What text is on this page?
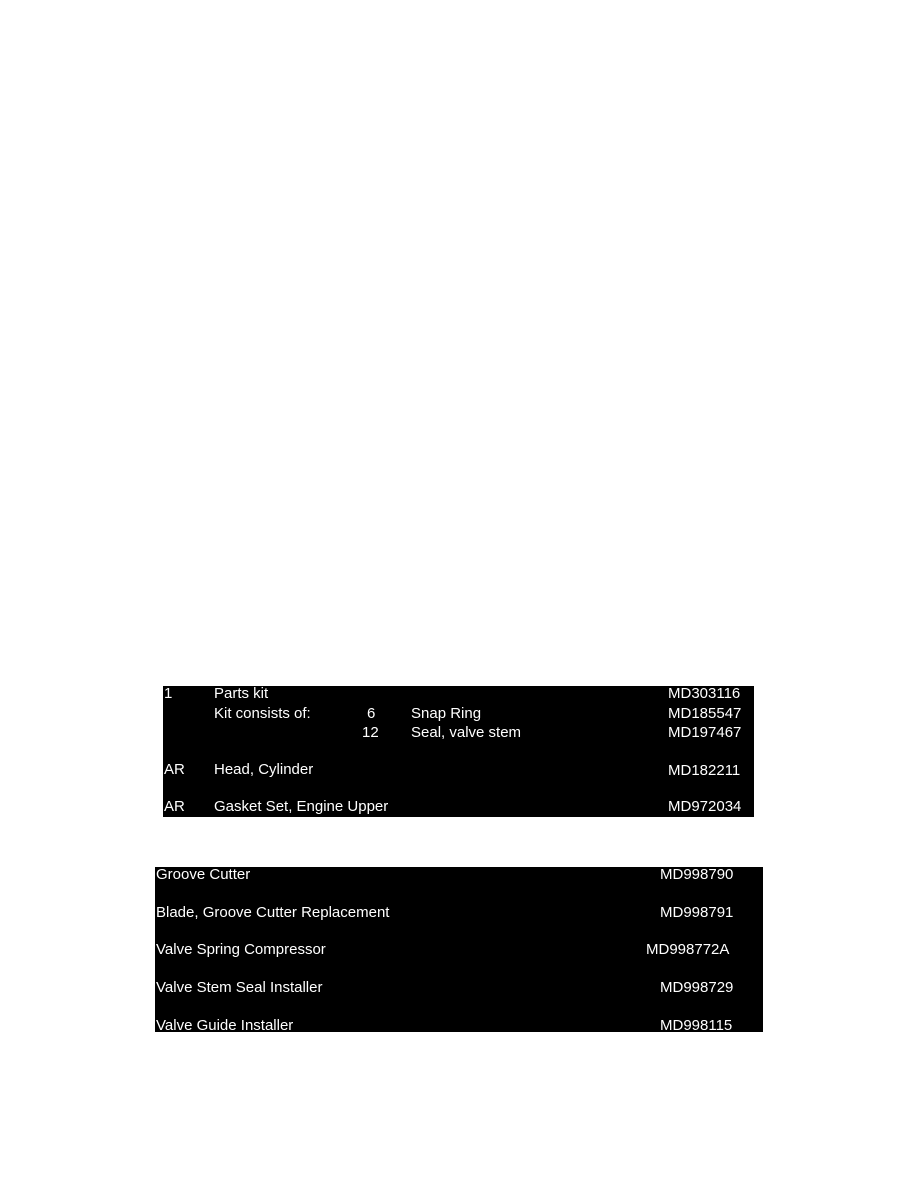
1	Parts kit	MD303116
Kit consists of:	6 Snap Ring	MD185547
12 Seal, valve stem	MD197467
AR Head, Cylinder	MD182211
AR Gasket Set, Engine Upper	MD972034
Groove Cutter	MD998790
Blade, Groove Cutter Replacement	MD998791
Valve Spring Compressor	MD998772A
Valve Stem Seal Installer	MD998729
Valve Guide Installer	MD998115
